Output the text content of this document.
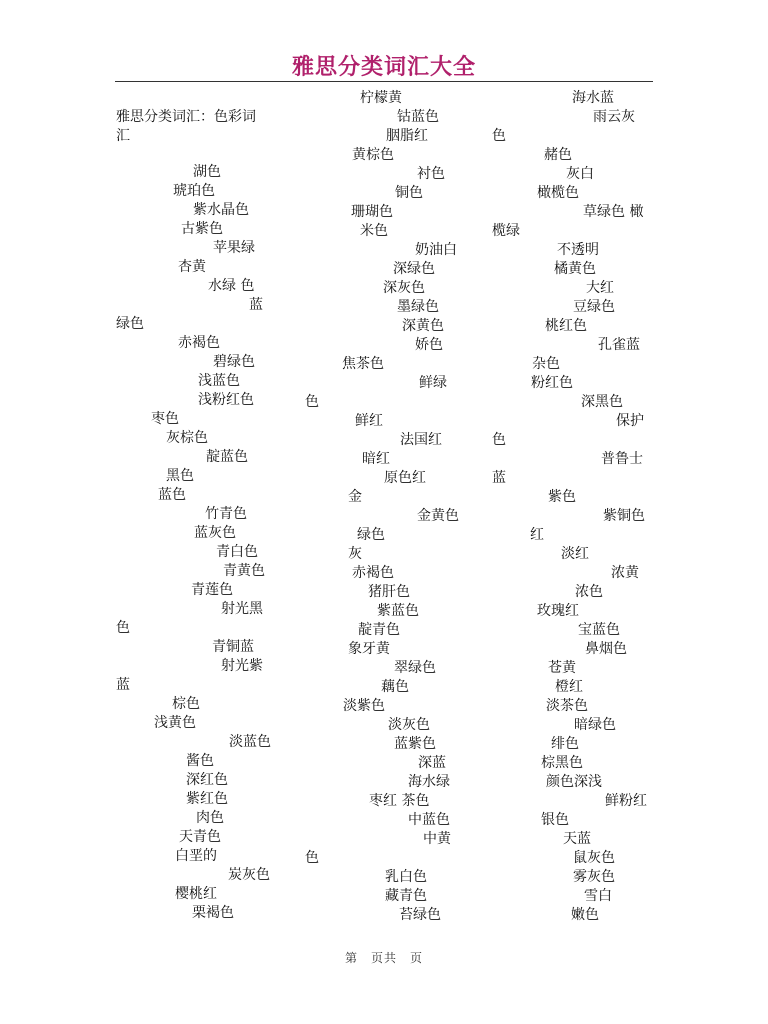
雅思分类词汇大全
雅思分类词汇：色彩词
汇
湖色
琥珀色
紫水晶色
古紫色
苹果绿
杏黄
水绿 色
蓝
绿色
赤褐色
碧绿色
浅蓝色
浅粉红色
枣色
灰棕色
靛蓝色
黑色
蓝色
竹青色
蓝灰色
青白色
青黄色
青莲色
射光黑
色
青铜蓝
射光紫
蓝
棕色
浅黄色
淡蓝色
酱色
深红色
紫红色
肉色
天青色
白垩的
炭灰色
樱桃红
栗褐色
柠檬黄
钴蓝色
胭脂红
黄棕色
衬色
铜色
珊瑚色
米色
奶油白
深绿色
深灰色
墨绿色
深黄色
娇色
焦茶色
鲜绿
色
鲜红
法国红
暗红
原色红
金
金黄色
绿色
灰
赤褐色
猪肝色
紫蓝色
靛青色
象牙黄
翠绿色
藕色
淡紫色
淡灰色
蓝紫色
深蓝
海水绿
枣红 茶色
中蓝色
中黄
色
乳白色
藏青色
苔绿色
海水蓝
雨云灰
色
赭色
灰白
橄榄色
草绿色 橄
榄绿
不透明
橘黄色
大红
豆绿色
桃红色
孔雀蓝
杂色
粉红色
深黑色
保护
色
普鲁士
蓝
紫色
紫铜色
红
淡红
浓黄
浓色
玫瑰红
宝蓝色
鼻烟色
苍黄
橙红
淡茶色
暗绿色
绯色
棕黑色
颜色深浅
鲜粉红
银色
天蓝
鼠灰色
雾灰色
雪白
嫩色
第　页共　页
